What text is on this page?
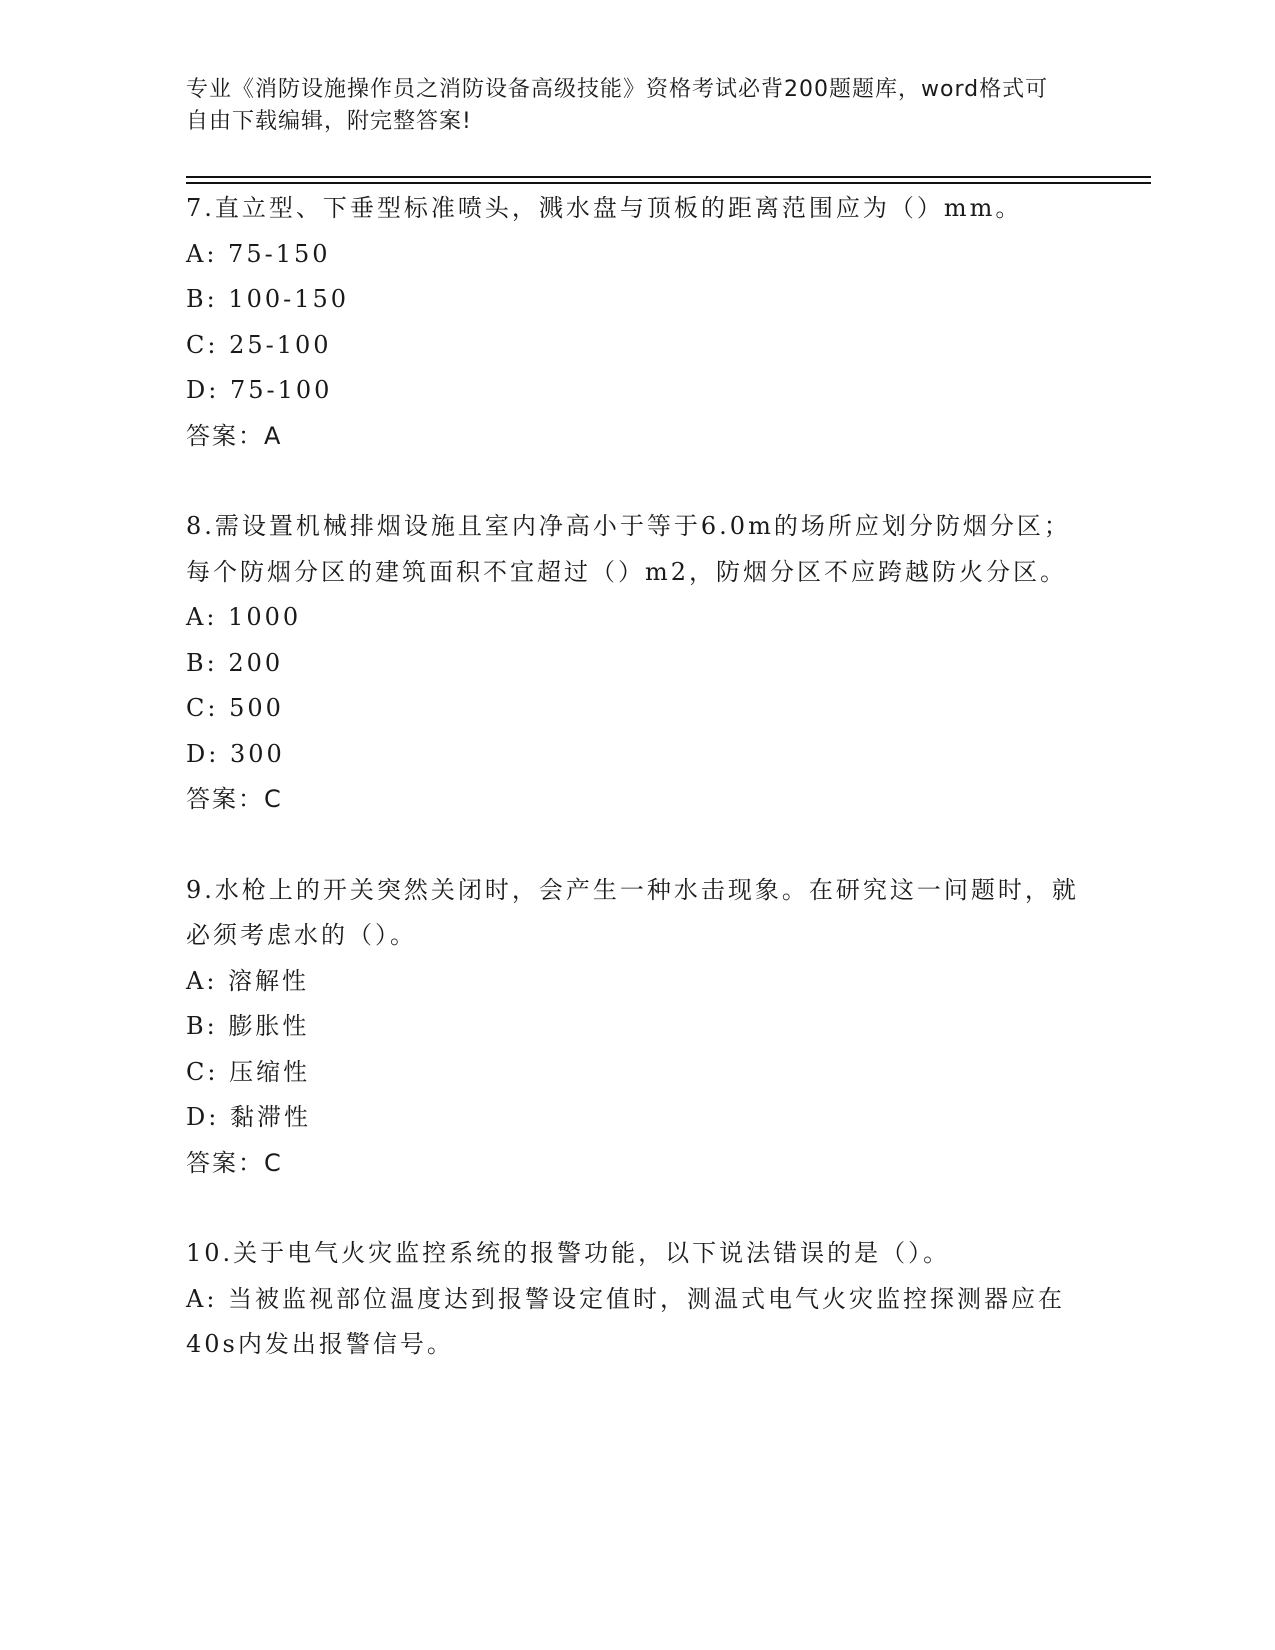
专业《消防设施操作员之消防设备高级技能》资格考试必背200题题库，word格式可自由下载编辑，附完整答案!

7.直立型、下垂型标准喷头，溅水盘与顶板的距离范围应为（）mm。

A: 75-150

B: 100-150

C: 25-100

D: 75-100

答案：A

8.需设置机械排烟设施且室内净高小于等于6.0m的场所应划分防烟分区；每个防烟分区的建筑面积不宜超过（）m2，防烟分区不应跨越防火分区。

A: 1000

B: 200

C: 500

D: 300

答案：C

9.水枪上的开关突然关闭时，会产生一种水击现象。在研究这一问题时，就必须考虑水的（）。

A: 溶解性

B: 膨胀性

C: 压缩性

D: 黏滞性

答案：C

10.关于电气火灾监控系统的报警功能，以下说法错误的是（）。

A: 当被监视部位温度达到报警设定值时，测温式电气火灾监控探测器应在40s内发出报警信号。
